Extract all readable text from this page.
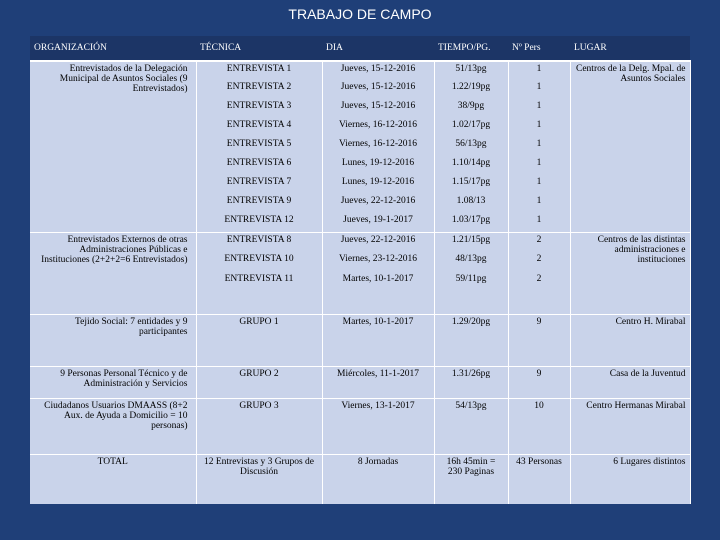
TRABAJO DE CAMPO
ORGANIZACIÓN	TÉCNICA	DIA	TIEMPO/PG.	Nº Pers	LUGAR
Entrevistados de la Delegación Municipal de Asuntos Sociales (9 Entrevistados)	ENTREVISTA 1	Jueves, 15-12-2016	51/13pg	1	Centros de la Delg. Mpal. de Asuntos Sociales
	ENTREVISTA 2	Jueves, 15-12-2016	1.22/19pg	1	
	ENTREVISTA 3	Jueves, 15-12-2016	38/9pg	1	
	ENTREVISTA 4	Viernes, 16-12-2016	1.02/17pg	1	
	ENTREVISTA 5	Viernes, 16-12-2016	56/13pg	1	
	ENTREVISTA 6	Lunes, 19-12-2016	1.10/14pg	1	
	ENTREVISTA 7	Lunes, 19-12-2016	1.15/17pg	1	
	ENTREVISTA 9	Jueves, 22-12-2016	1.08/13	1	
	ENTREVISTA 12	Jueves, 19-1-2017	1.03/17pg	1	
Entrevistados Externos de otras Administraciones Públicas e Instituciones (2+2+2=6 Entrevistados)	ENTREVISTA 8	Jueves, 22-12-2016	1.21/15pg	2	Centros de las distintas administraciones e instituciones
	ENTREVISTA 10	Viernes, 23-12-2016	48/13pg	2	
	ENTREVISTA 11	Martes, 10-1-2017	59/11pg	2	
Tejido Social: 7 entidades y 9 participantes	GRUPO 1	Martes, 10-1-2017	1.29/20pg	9	Centro H. Mirabal
9 Personas Personal Técnico y de Administración y Servicios	GRUPO 2	Miércoles, 11-1-2017	1.31/26pg	9	Casa de la Juventud
Ciudadanos Usuarios DMAASS (8+2 Aux. de Ayuda a Domicilio = 10 personas)	GRUPO 3	Viernes, 13-1-2017	54/13pg	10	Centro Hermanas Mirabal
TOTAL	12 Entrevistas y 3 Grupos de Discusión	8 Jornadas	16h 45min = 230 Paginas	43 Personas	6 Lugares distintos
